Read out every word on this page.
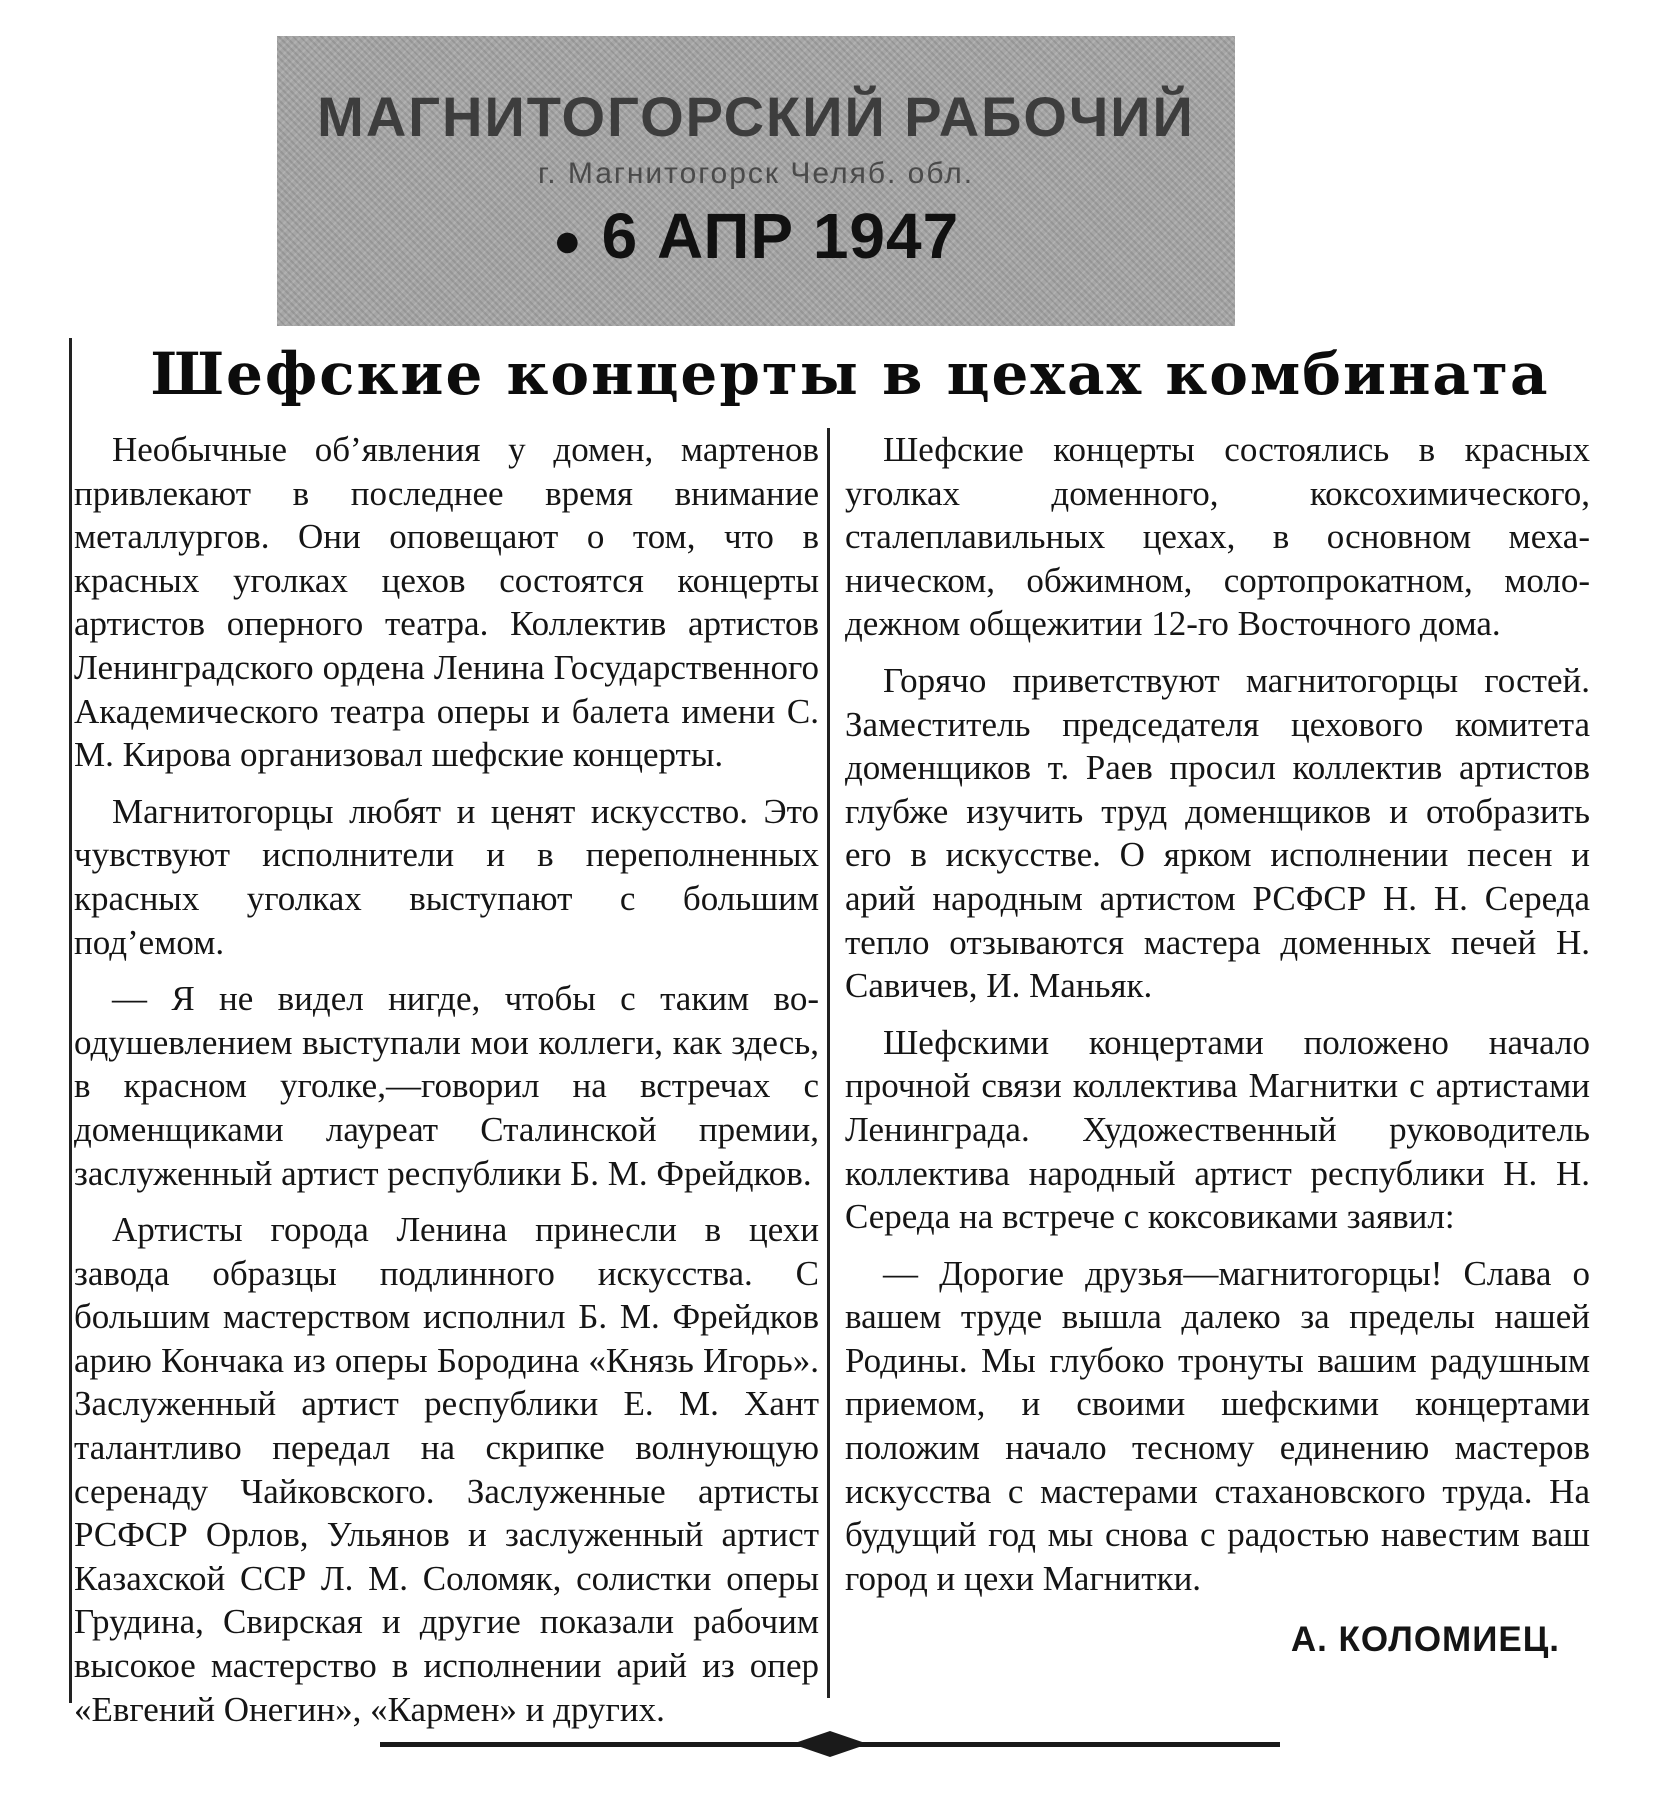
МАГНИТОГОРСКИЙ РАБОЧИЙ
г. Магнитогорск Челяб. обл.
● 6 АПР 1947
Шефские концерты в цехах комбината

Необычные об’явления у домен, мартенов привлекают в последнее время внимание металлургов. Они оповещают о том, что в красных уголках цехов состоятся концерты артистов оперного театра. Коллектив артистов Ленинградского ордена Ленина Государственного Академического театра оперы и балета имени С. М. Кирова организовал шефские концерты.

Магнитогорцы любят и ценят искусство. Это чувствуют исполнители и в переполненных красных уголках выступают с большим под’емом.

— Я не видел нигде, чтобы с таким воодушевлением выступали мои коллеги, как здесь, в красном уголке,—говорил на встречах с доменщиками лауреат Сталинской премии, заслуженный артист республики Б. М. Фрейдков.

Артисты города Ленина принесли в цехи завода образцы подлинного искусства. С большим мастерством исполнил Б. М. Фрейдков арию Кончака из оперы Бородина «Князь Игорь». Заслуженный артист республики Е. М. Хант талантливо передал на скрипке волнующую серенаду Чайковского. Заслуженные артисты РСФСР Орлов, Ульянов и заслуженный артист Казахской ССР Л. М. Соломяк, солистки оперы Грудина, Свирская и другие показали рабочим высокое мастерство в исполнении арий из опер «Евгений Онегин», «Кармен» и других.

Шефские концерты состоялись в красных уголках доменного, коксохимического, сталеплавильных цехах, в основном механическом, обжимном, сортопрокатном, молодежном общежитии 12-го Восточного дома.

Горячо приветствуют магнитогорцы гостей. Заместитель председателя цехового комитета доменщиков т. Раев просил коллектив артистов глубже изучить труд доменщиков и отобразить его в искусстве. О ярком исполнении песен и арий народным артистом РСФСР Н. Н. Середа тепло отзываются мастера доменных печей Н. Савичев, И. Маньяк.

Шефскими концертами положено начало прочной связи коллектива Магнитки с артистами Ленинграда. Художественный руководитель коллектива народный артист республики Н. Н. Середа на встрече с коксовиками заявил:

— Дорогие друзья—магнитогорцы! Слава о вашем труде вышла далеко за пределы нашей Родины. Мы глубоко тронуты вашим радушным приемом, и своими шефскими концертами положим начало тесному единению мастеров искусства с мастерами стахановского труда. На будущий год мы снова с радостью навестим ваш город и цехи Магнитки.

А. КОЛОМИЕЦ.
